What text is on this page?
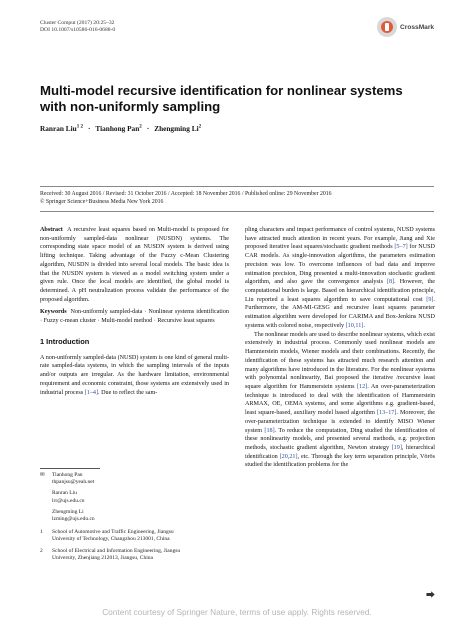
Cluster Comput (2017) 20:25–32
DOI 10.1007/s10586-016-0688-0	CrossMark
Multi-model recursive identification for nonlinear systems with non-uniformly sampling
Ranran Liu$^{1 2}$ · Tianhong Pan$^2$ · Zhengming Li$^2$
Received: 30 August 2016 / Revised: 31 October 2016 / Accepted: 18 November 2016 / Published online: 29 November 2016
© Springer Science+Business Media New York 2016

Abstract A recursive least squares based on Multi-model is proposed for non-uniformly sampled-data nonlinear (NUSDN) systems. The corresponding state space model of an NUSDN system is derived using lifting technique. Taking advantage of the Fuzzy c-Mean Clustering algorithm, NUSDN is divided into several local models. The basic idea is that the NUSDN system is viewed as a model switching system under a given rule. Once the local models are identified, the global model is determined. A pH neutralization process validate the performance of the proposed algorithm.

Keywords Non-uniformly sampled-data · Nonlinear systems identification · Fuzzy c-mean cluster · Multi-model method · Recursive least squares

1 Introduction

A non-uniformly sampled-data (NUSD) system is one kind of general multi-rate sampled-data systems, in which the sampling intervals of the inputs and/or outputs are irregular. As the hardware limitation, environmental requirement and economic constraint, those systems are extensively used in industrial process [1–4]. Due to reflect the sam-

pling characters and impact performance of control systems, NUSD systems have attracted much attention in recent years. For example, Jiang and Xie proposed iterative least squares/stochastic gradient methods [5–7] for NUSD CAR models. As single-innovation algorithms, the parameters estimation precision was low. To overcome influences of bad data and improve estimation precision, Ding presented a multi-innovation stochastic gradient algorithm, and also gave the convergence analysis [8]. However, the computational burden is large. Based on hierarchical identification principle, Liu reported a least squares algorithm to save computational cost [9]. Furthermore, the AM-MI-GESG and recursive least squares parameter estimation algorithm were developed for CARIMA and Box-Jenkins NUSD systems with colored noise, respectively [10,11].

The nonlinear models are used to describe nonlinear systems, which exist extensively in industrial process. Commonly used nonlinear models are Hammerstein models, Wiener models and their combinations. Recently, the identification of these systems has attracted much research attention and many algorithms have introduced in the literature. For the nonlinear systems with polynomial nonlinearity, Bai proposed the iterative /recursive least square algorithm for Hammerstein systems [12]. An over-parameterization technique is introduced to deal with the identification of Hammerstein ARMAX, OE, OEMA systems, and some algorithms e.g. gradient-based, least square-based, auxiliary model based algorithm [13–17]. Moreover, the over-parameterization technique is extended to identify MISO Wiener system [18]. To reduce the computation, Ding studied the identification of these nonlinearity models, and presented several methods, e.g. projection methods, stochastic gradient algorithm, Newton strategy [19], hierarchical identification [20,21], etc. Through the key term separation principle, Vörös studied the identification problems for the

✉	Tianhong Pan
thpanjsu@yeah.net
Ranran Liu
lrr@ujs.edu.cn
Zhengming Li
lzming@ujs.edu.cn
1	School of Automotive and Traffic Engineering, Jiangsu
University of Technology, Changzhou 213001, China
2	School of Electrical and Information Engineering, Jiangsu
University, Zhenjiang 212013, Jiangsu, China
⮕
Content courtesy of Springer Nature, terms of use apply. Rights reserved.
